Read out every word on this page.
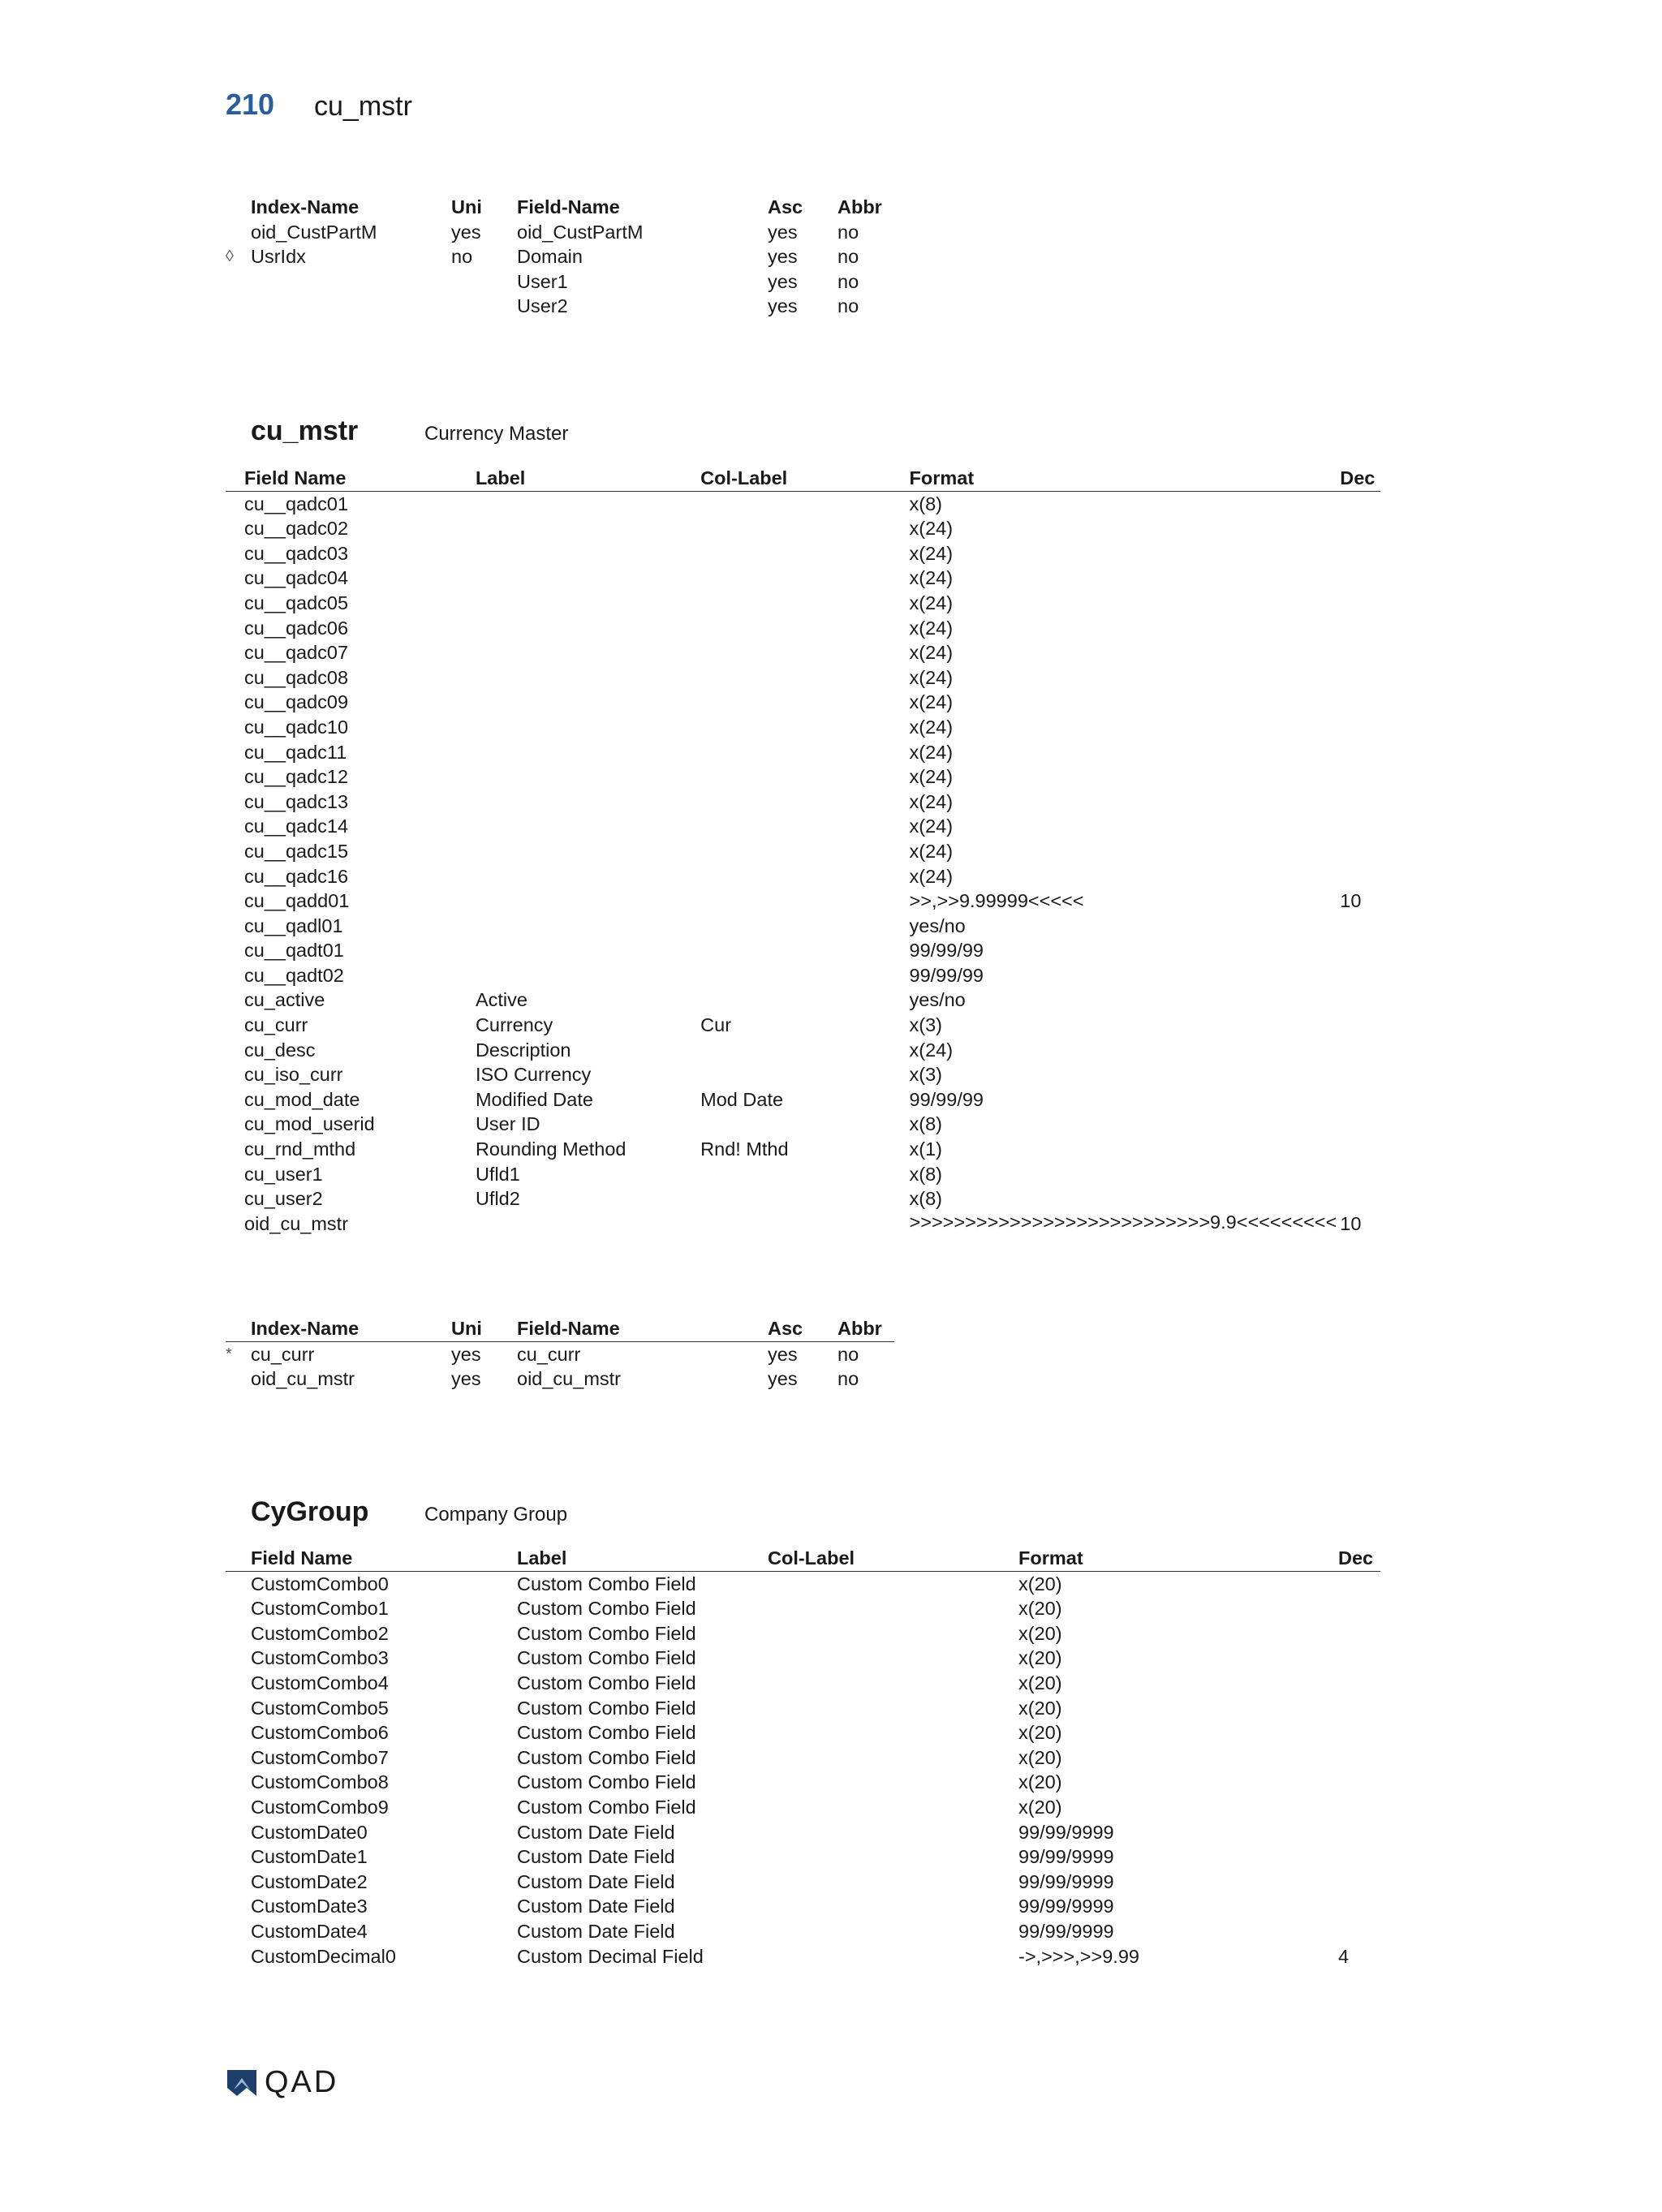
210 cu_mstr
	Index-Name	Uni	Field-Name	Asc	Abbr
	oid_CustPartM	yes	oid_CustPartM	yes	no
◊	UsrIdx	no	Domain	yes	no
			User1	yes	no
			User2	yes	no
cu_mstr	Currency Master
	Field Name	Label	Col-Label	Format	Dec
	cu__qadc01			x(8)	
	cu__qadc02			x(24)	
	cu__qadc03			x(24)	
	cu__qadc04			x(24)	
	cu__qadc05			x(24)	
	cu__qadc06			x(24)	
	cu__qadc07			x(24)	
	cu__qadc08			x(24)	
	cu__qadc09			x(24)	
	cu__qadc10			x(24)	
	cu__qadc11			x(24)	
	cu__qadc12			x(24)	
	cu__qadc13			x(24)	
	cu__qadc14			x(24)	
	cu__qadc15			x(24)	
	cu__qadc16			x(24)	
	cu__qadd01			>>,>>9.99999<<<<<	10
	cu__qadl01			yes/no	
	cu__qadt01			99/99/99	
	cu__qadt02			99/99/99	
	cu_active	Active		yes/no	
	cu_curr	Currency	Cur	x(3)	
	cu_desc	Description		x(24)	
	cu_iso_curr	ISO Currency		x(3)	
	cu_mod_date	Modified Date	Mod Date	99/99/99	
	cu_mod_userid	User ID		x(8)	
	cu_rnd_mthd	Rounding Method	Rnd! Mthd	x(1)	
	cu_user1	Ufld1		x(8)	
	cu_user2	Ufld2		x(8)	
	oid_cu_mstr			>>>>>>>>>>>>>>>>>>>>>>>>>>>9.9<<<<<<<<<	10
	Index-Name	Uni	Field-Name	Asc	Abbr
*	cu_curr	yes	cu_curr	yes	no
	oid_cu_mstr	yes	oid_cu_mstr	yes	no
CyGroup	Company Group
	Field Name	Label	Col-Label	Format	Dec
	CustomCombo0	Custom Combo Field		x(20)	
	CustomCombo1	Custom Combo Field		x(20)	
	CustomCombo2	Custom Combo Field		x(20)	
	CustomCombo3	Custom Combo Field		x(20)	
	CustomCombo4	Custom Combo Field		x(20)	
	CustomCombo5	Custom Combo Field		x(20)	
	CustomCombo6	Custom Combo Field		x(20)	
	CustomCombo7	Custom Combo Field		x(20)	
	CustomCombo8	Custom Combo Field		x(20)	
	CustomCombo9	Custom Combo Field		x(20)	
	CustomDate0	Custom Date Field		99/99/9999	
	CustomDate1	Custom Date Field		99/99/9999	
	CustomDate2	Custom Date Field		99/99/9999	
	CustomDate3	Custom Date Field		99/99/9999	
	CustomDate4	Custom Date Field		99/99/9999	
	CustomDecimal0	Custom Decimal Field		->,>>>,>>9.99	4
QAD
